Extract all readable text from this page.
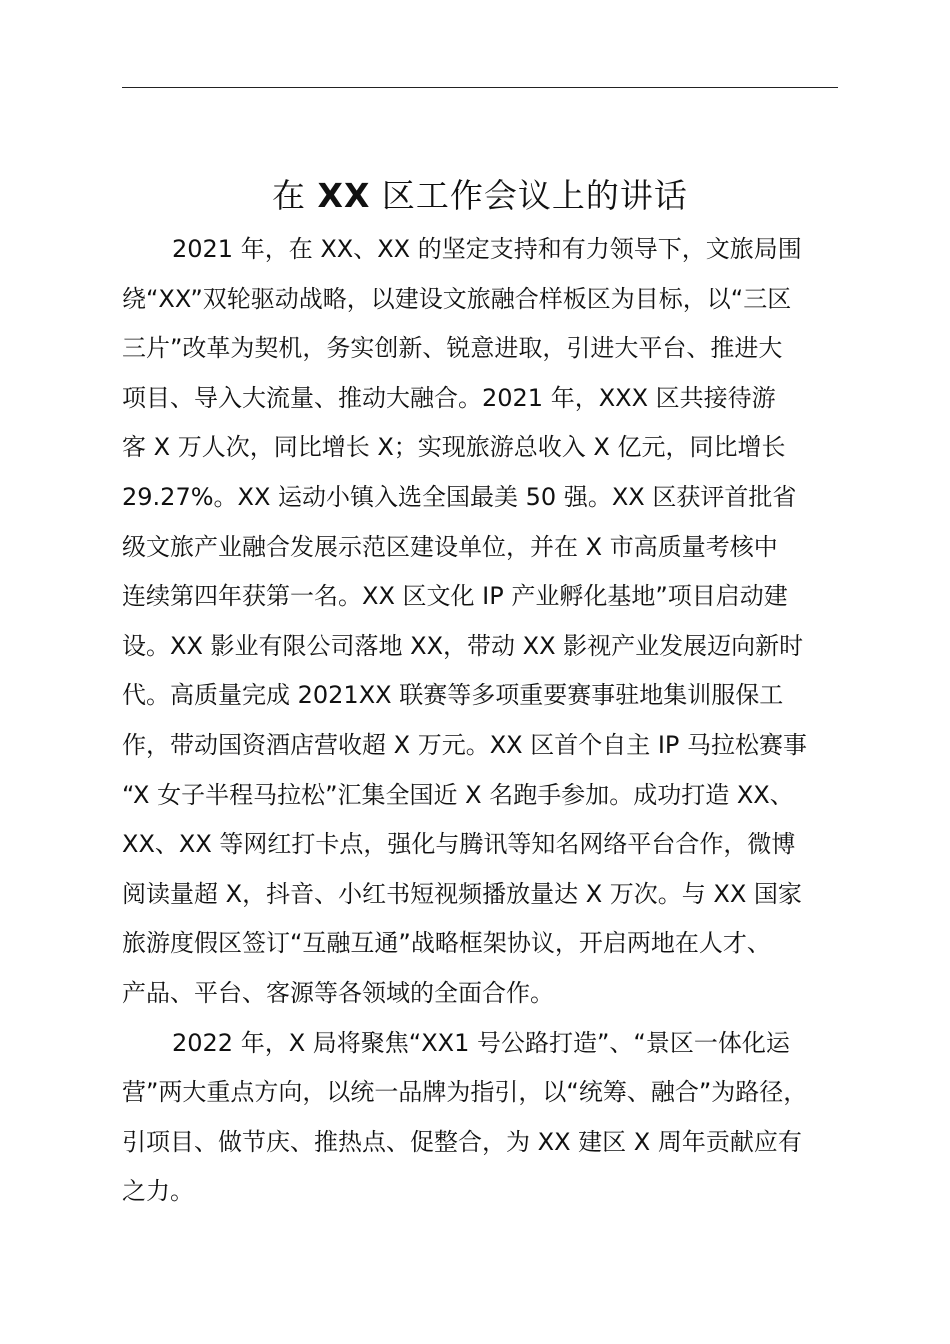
在 XX 区工作会议上的讲话

2021 年，在 XX、XX 的坚定支持和有力领导下，文旅局围
绕“XX”双轮驱动战略，以建设文旅融合样板区为目标，以“三区
三片”改革为契机，务实创新、锐意进取，引进大平台、推进大
项目、导入大流量、推动大融合。2021 年，XXX 区共接待游
客 X 万人次，同比增长 X；实现旅游总收入 X 亿元，同比增长
29.27%。XX 运动小镇入选全国最美 50 强。XX 区获评首批省
级文旅产业融合发展示范区建设单位，并在 X 市高质量考核中
连续第四年获第一名。XX 区文化 IP 产业孵化基地”项目启动建
设。XX 影业有限公司落地 XX，带动 XX 影视产业发展迈向新时
代。高质量完成 2021XX 联赛等多项重要赛事驻地集训服保工
作，带动国资酒店营收超 X 万元。XX 区首个自主 IP 马拉松赛事
“X 女子半程马拉松”汇集全国近 X 名跑手参加。成功打造 XX、
XX、XX 等网红打卡点，强化与腾讯等知名网络平台合作，微博
阅读量超 X，抖音、小红书短视频播放量达 X 万次。与 XX 国家
旅游度假区签订“互融互通”战略框架协议，开启两地在人才、
产品、平台、客源等各领域的全面合作。

2022 年，X 局将聚焦“XX1 号公路打造”、“景区一体化运
营”两大重点方向，以统一品牌为指引，以“统筹、融合”为路径，
引项目、做节庆、推热点、促整合，为 XX 建区 X 周年贡献应有
之力。
